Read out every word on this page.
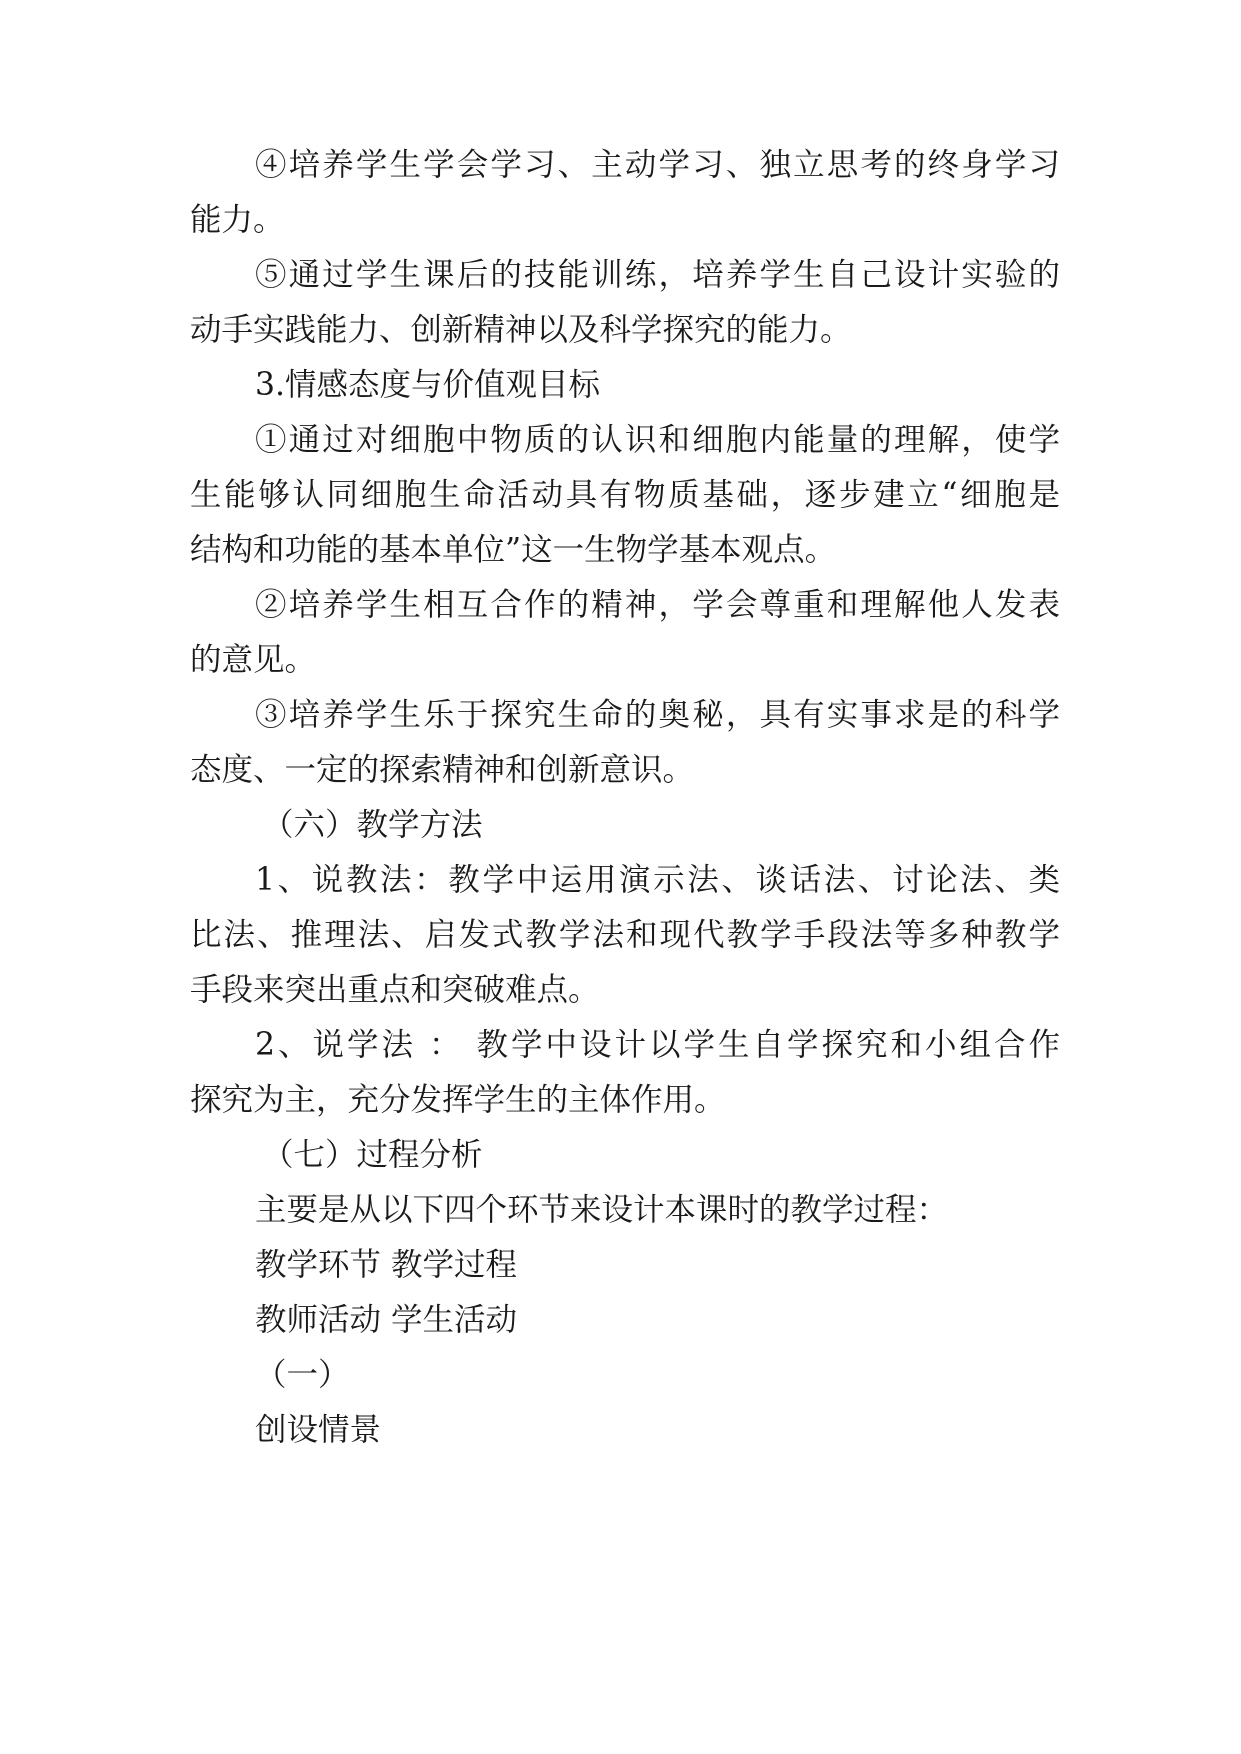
④培养学生学会学习、主动学习、独立思考的终身学习
能力。
⑤通过学生课后的技能训练，培养学生自己设计实验的
动手实践能力、创新精神以及科学探究的能力。
3.情感态度与价值观目标
①通过对细胞中物质的认识和细胞内能量的理解，使学
生能够认同细胞生命活动具有物质基础，逐步建立“细胞是
结构和功能的基本单位”这一生物学基本观点。
②培养学生相互合作的精神，学会尊重和理解他人发表
的意见。
③培养学生乐于探究生命的奥秘，具有实事求是的科学
态度、一定的探索精神和创新意识。
（六）教学方法
1、说教法：教学中运用演示法、谈话法、讨论法、类
比法、推理法、启发式教学法和现代教学手段法等多种教学
手段来突出重点和突破难点。
2、说学法 ： 教学中设计以学生自学探究和小组合作
探究为主，充分发挥学生的主体作用。
（七）过程分析
主要是从以下四个环节来设计本课时的教学过程：
教学环节 教学过程
教师活动 学生活动
（一）
创设情景
